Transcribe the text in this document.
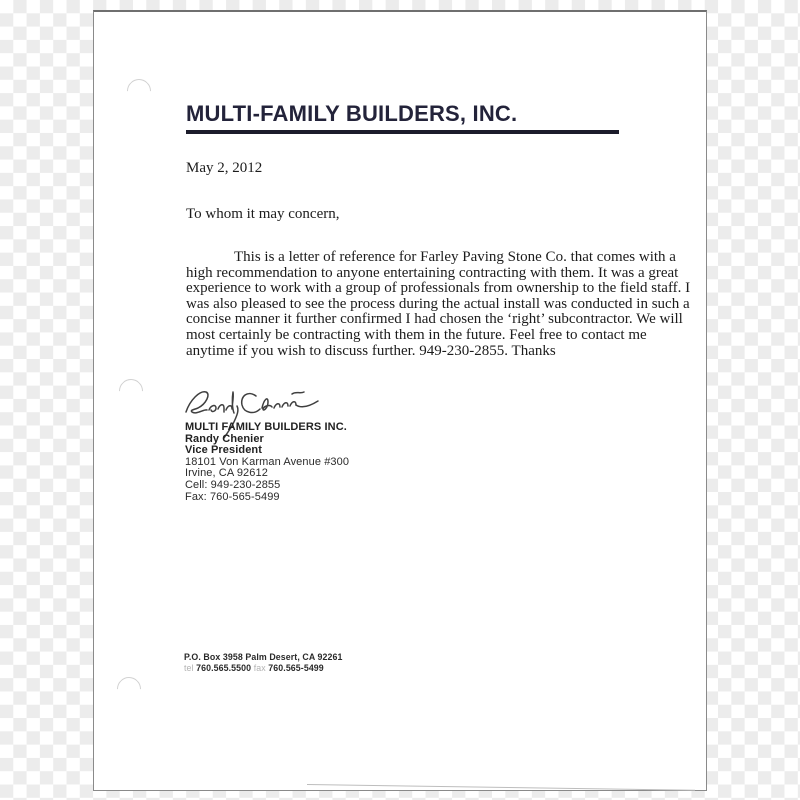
MULTI-FAMILY BUILDERS, INC.
May 2, 2012
To whom it may concern,
This is a letter of reference for Farley Paving Stone Co. that comes with a
high recommendation to anyone entertaining contracting with them. It was a great
experience to work with a group of professionals from ownership to the field staff. I
was also pleased to see the process during the actual install was conducted in such a
concise manner it further confirmed I had chosen the ‘right’ subcontractor. We will
most certainly be contracting with them in the future. Feel free to contact me
anytime if you wish to discuss further. 949-230-2855. Thanks
MULTI FAMILY BUILDERS INC.
Randy Chenier
Vice President
18101 Von Karman Avenue #300
Irvine, CA 92612
Cell: 949-230-2855
Fax: 760-565-5499
P.O. Box 3958 Palm Desert, CA 92261
tel 760.565.5500 fax 760.565-5499
